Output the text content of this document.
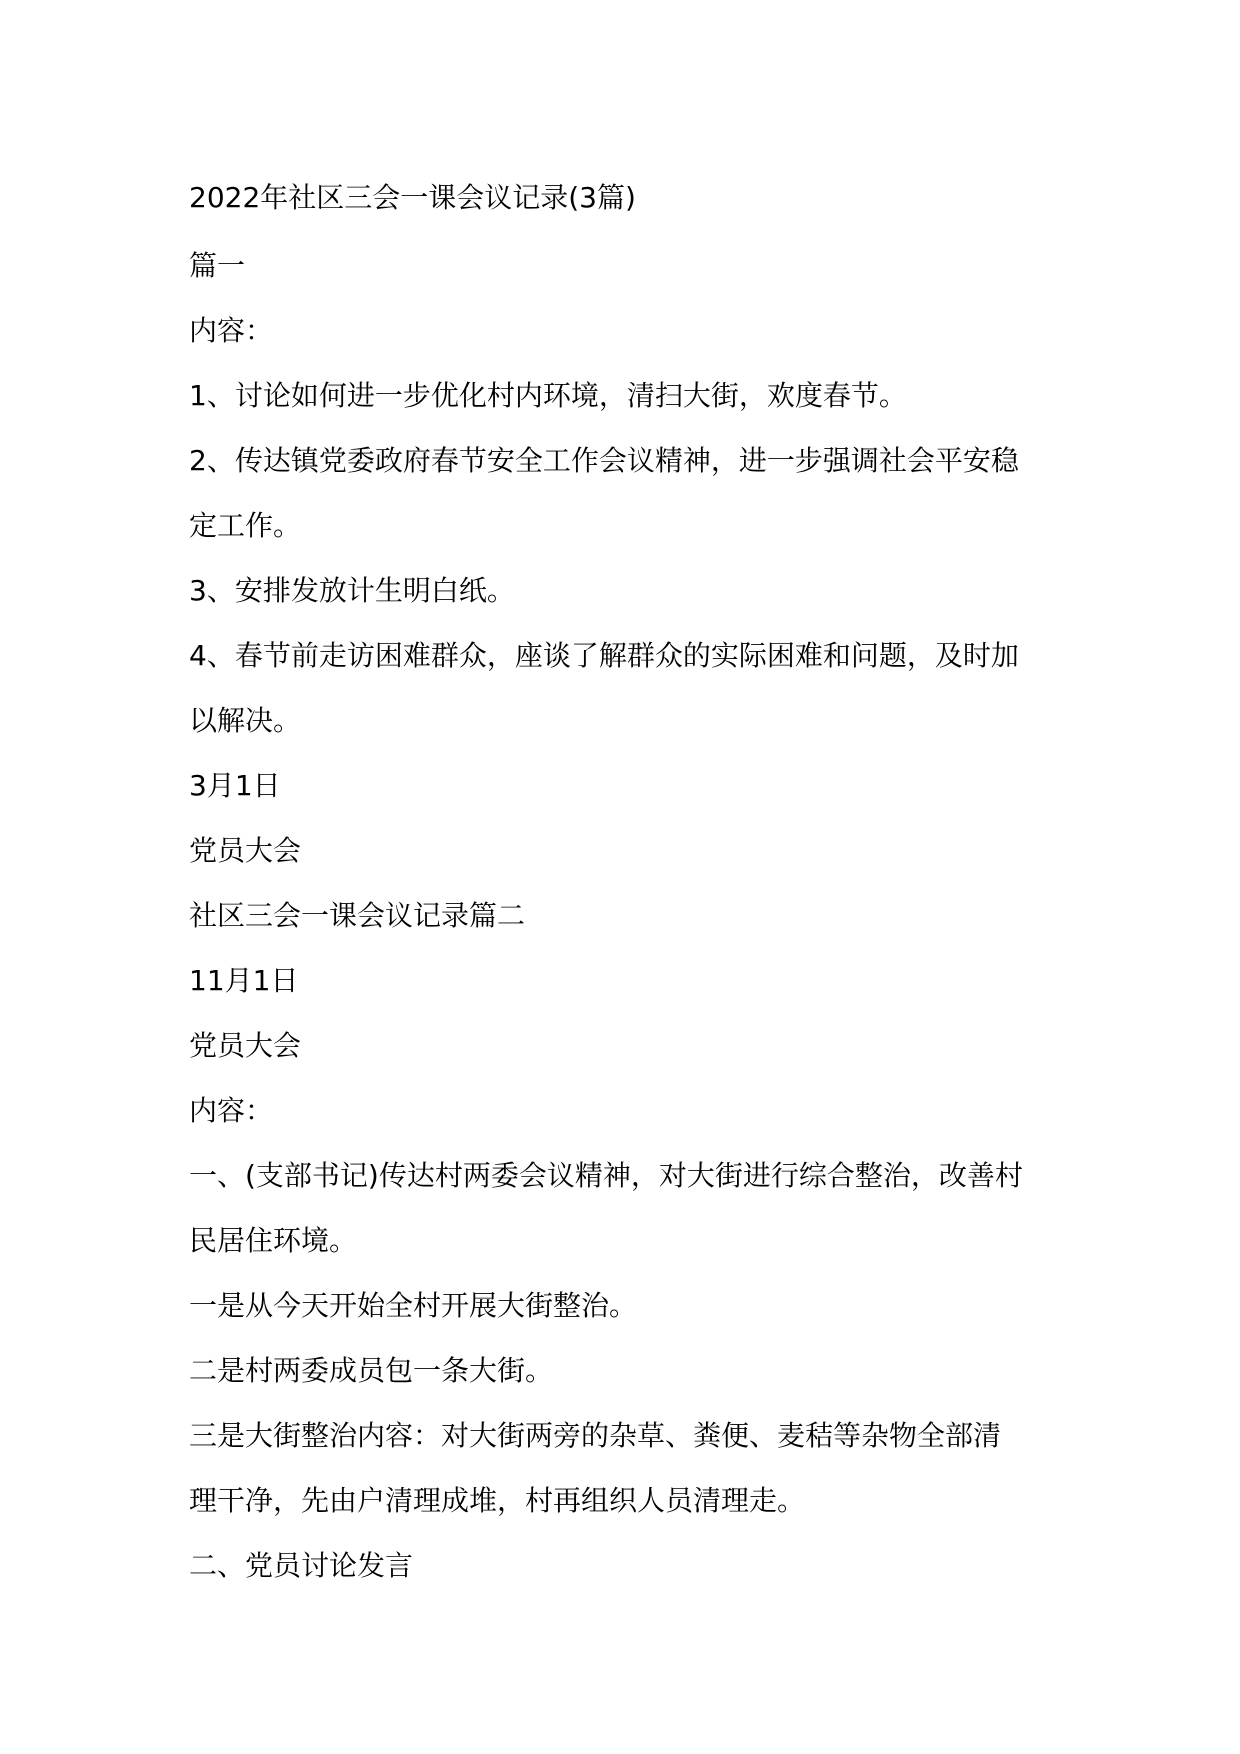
2022年社区三会一课会议记录(3篇)
篇一
内容：
1、讨论如何进一步优化村内环境，清扫大街，欢度春节。
2、传达镇党委政府春节安全工作会议精神，进一步强调社会平安稳
定工作。
3、安排发放计生明白纸。
4、春节前走访困难群众，座谈了解群众的实际困难和问题，及时加
以解决。
3月1日
党员大会
社区三会一课会议记录篇二
11月1日
党员大会
内容：
一、(支部书记)传达村两委会议精神，对大街进行综合整治，改善村
民居住环境。
一是从今天开始全村开展大街整治。
二是村两委成员包一条大街。
三是大街整治内容：对大街两旁的杂草、粪便、麦秸等杂物全部清
理干净，先由户清理成堆，村再组织人员清理走。
二、党员讨论发言
